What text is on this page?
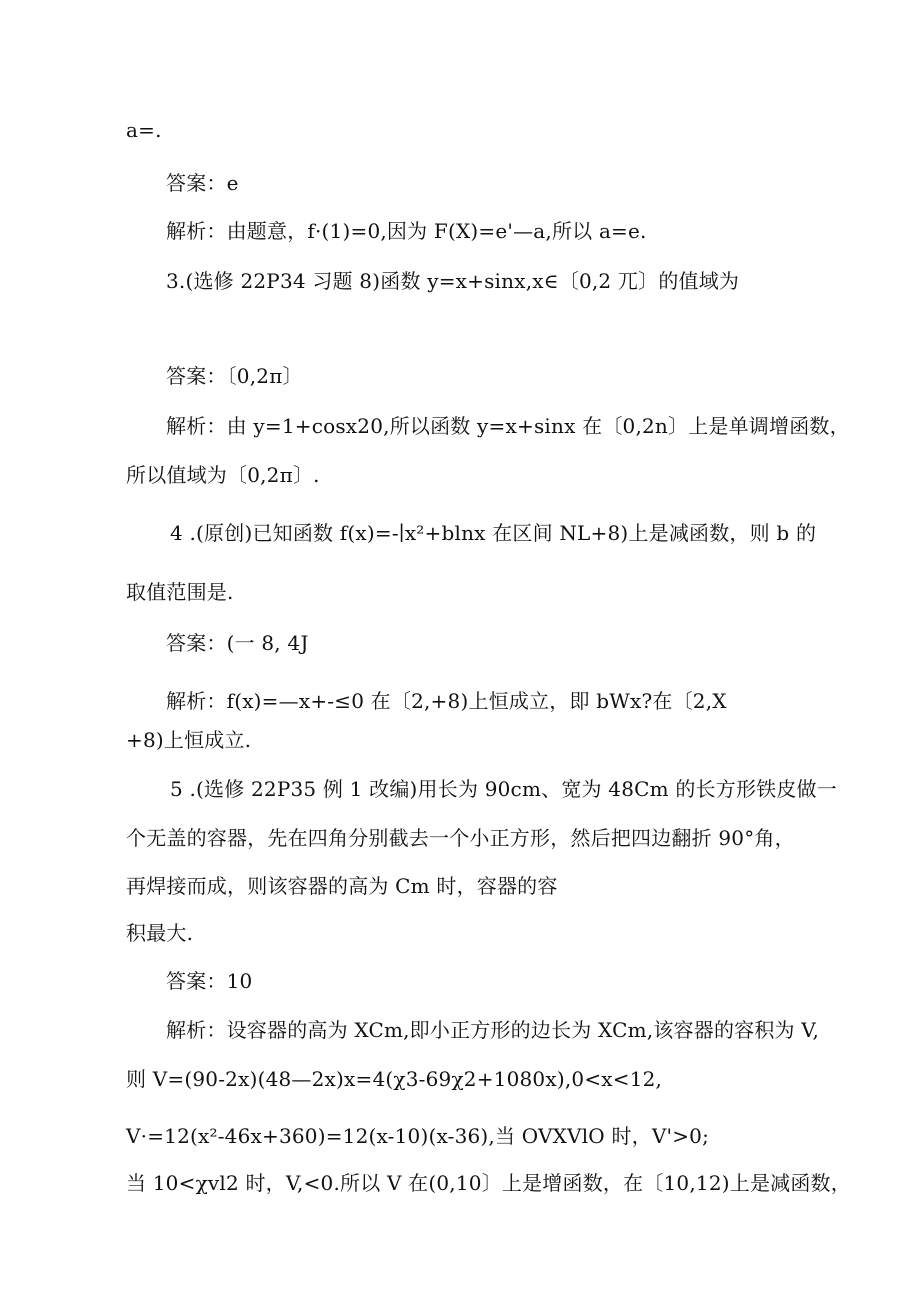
a=.
答案：e
解析：由题意，f·(1)=0,因为 F(X)=e'—a,所以 a=e.
3.(选修 22P34 习题 8)函数 y=x+sinx,x∈〔0,2 兀〕的值域为
答案：〔0,2π〕
解析：由 y=1+cosx20,所以函数 y=x+sinx 在〔0,2n〕上是单调增函数，
所以值域为〔0,2π〕.
4 .(原创)已知函数 f(x)=-∣x²+blnx 在区间 NL+8)上是减函数，则 b 的
取值范围是.
答案：(一 8, 4J
解析：f(x)=—x+-≤0 在〔2,+8)上恒成立，即 bWx?在〔2,X
+8)上恒成立.
5 .(选修 22P35 例 1 改编)用长为 90cm、宽为 48Cm 的长方形铁皮做一
个无盖的容器，先在四角分别截去一个小正方形，然后把四边翻折 90°角，
再焊接而成，则该容器的高为 Cm 时，容器的容
积最大.
答案：10
解析：设容器的高为 XCm,即小正方形的边长为 XCm,该容器的容积为 V,
则 V=(90-2x)(48—2x)x=4(χ3-69χ2+1080x),0<x<12,
V·=12(x²-46x+360)=12(x-10)(x-36),当 OVXVlO 时，V'>0;
当 10<χvl2 时，V,<0.所以 V 在(0,10〕上是增函数，在〔10,12)上是减函数，
